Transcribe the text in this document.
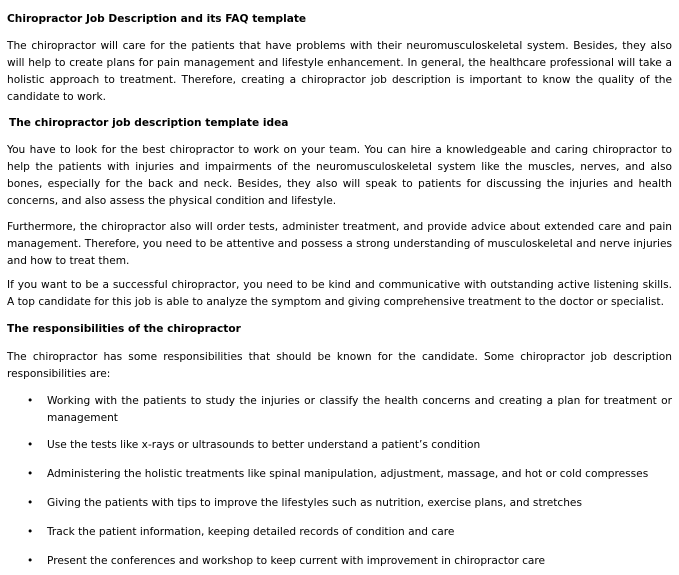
Chiropractor Job Description and its FAQ template

The chiropractor will care for the patients that have problems with their neuromusculoskeletal system. Besides, they also will help to create plans for pain management and lifestyle enhancement. In general, the healthcare professional will take a holistic approach to treatment. Therefore, creating a chiropractor job description is important to know the quality of the candidate to work.

The chiropractor job description template idea

You have to look for the best chiropractor to work on your team. You can hire a knowledgeable and caring chiropractor to help the patients with injuries and impairments of the neuromusculoskeletal system like the muscles, nerves, and also bones, especially for the back and neck. Besides, they also will speak to patients for discussing the injuries and health concerns, and also assess the physical condition and lifestyle.

Furthermore, the chiropractor also will order tests, administer treatment, and provide advice about extended care and pain management. Therefore, you need to be attentive and possess a strong understanding of musculoskeletal and nerve injuries and how to treat them.

If you want to be a successful chiropractor, you need to be kind and communicative with outstanding active listening skills. A top candidate for this job is able to analyze the symptom and giving comprehensive treatment to the doctor or specialist.

The responsibilities of the chiropractor

The chiropractor has some responsibilities that should be known for the candidate. Some chiropractor job description responsibilities are:

•	Working with the patients to study the injuries or classify the health concerns and creating a plan for treatment or management
•	Use the tests like x-rays or ultrasounds to better understand a patient’s condition
•	Administering the holistic treatments like spinal manipulation, adjustment, massage, and hot or cold compresses
•	Giving the patients with tips to improve the lifestyles such as nutrition, exercise plans, and stretches
•	Track the patient information, keeping detailed records of condition and care
•	Present the conferences and workshop to keep current with improvement in chiropractor care
